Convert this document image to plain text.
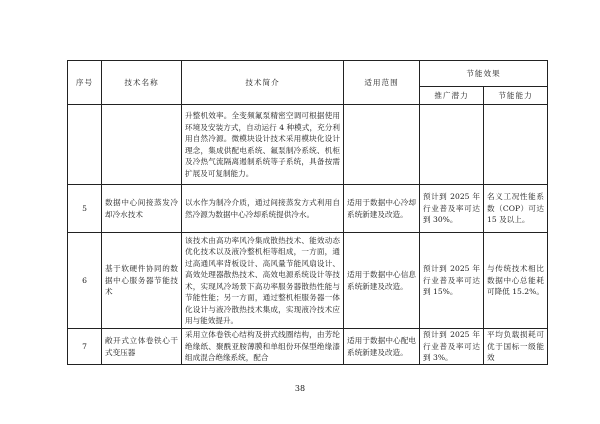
序号	技术名称	技术简介	适用范围	节能效果	
				推广潜力	节能能力
		升整机效率。全变频氟泵精密空调可根据使用环境及安装方式，自动运行 4 种模式，充分利用自然冷源。微模块设计技术采用模块化设计理念，集成供配电系统、氟泵制冷系统、机柜及冷热气流隔离遏制系统等子系统，具备按需扩展及可复制能力。			
5	数据中心间接蒸发冷却冷水技术	以水作为制冷介质，通过间接蒸发方式利用自然冷源为数据中心冷却系统提供冷水。	适用于数据中心冷却系统新建及改造。	预计到 2025 年行业普及率可达到 30%。	名义工况性能系数（COP）可达 15 及以上。
6	基于软硬件协同的数据中心服务器节能技术	该技术由高功率风冷集成散热技术、能效动态优化技术以及液冷整机柜等组成，一方面，通过高通风率背板设计、高风量节能风扇设计、高效处理器散热技术、高效电源系统设计等技术，实现风冷场景下高功率服务器散热性能与节能性能；另一方面，通过整机柜服务器一体化设计与液冷散热技术集成，实现液冷技术应用与能效提升。	适用于数据中心信息系统新建及改造。	预计到 2025 年行业普及率可达到 15%。	与传统技术相比数据中心总能耗可降低 15.2%。
7	敞开式立体卷铁心干式变压器	采用立体卷铁心结构及拼式线圈结构，由芳纶绝缘纸、聚酰亚胺薄膜和单组份环保型绝缘漆组成混合绝缘系统，配合	适用于数据中心配电系统新建及改造。	预计到 2025 年行业普及率可达到 3%。	平均负载损耗可优于国标一级能效
38
